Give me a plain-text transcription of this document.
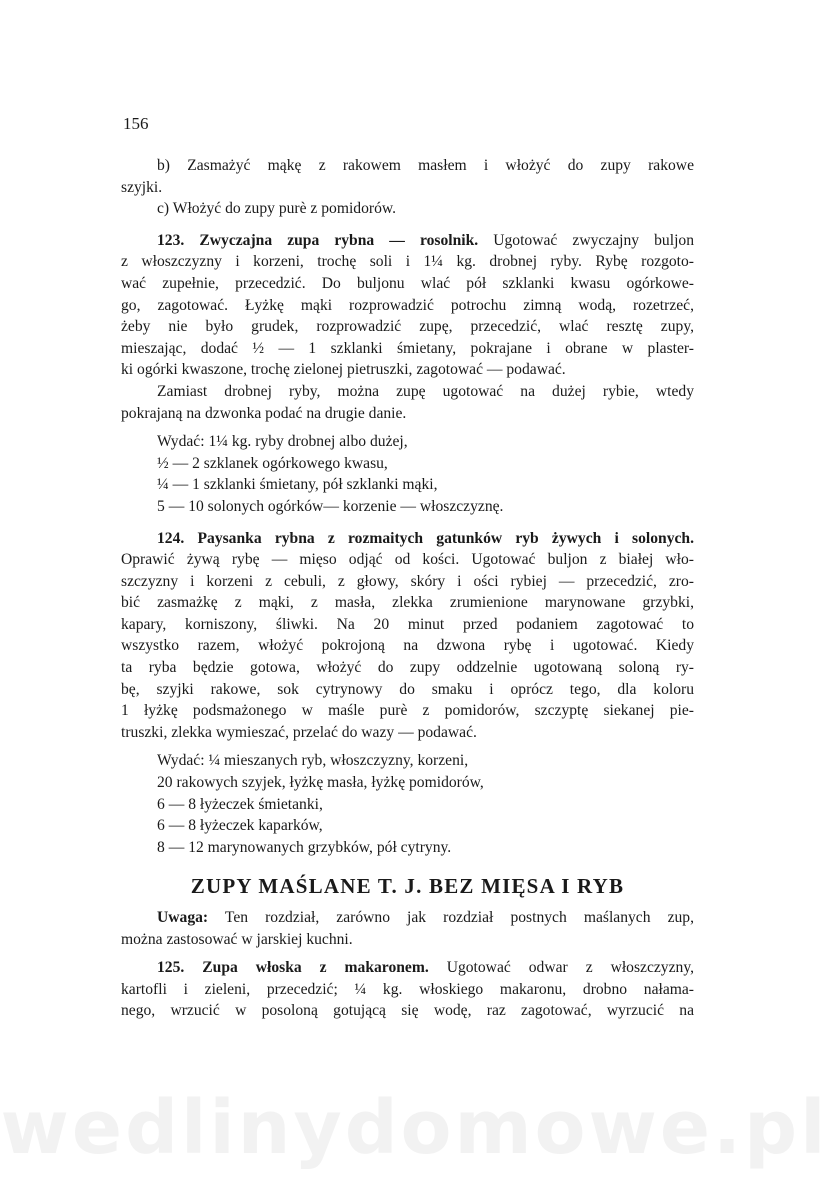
156
b) Zasmażyć mąkę z rakowem masłem i włożyć do zupy rakowe
szyjki.
c) Włożyć do zupy purè z pomidorów.
123. Zwyczajna zupa rybna — rosolnik. Ugotować zwyczajny buljon
z włoszczyzny i korzeni, trochę soli i 1¼ kg. drobnej ryby. Rybę rozgoto-
wać zupełnie, przecedzić. Do buljonu wlać pół szklanki kwasu ogórkowe-
go, zagotować. Łyżkę mąki rozprowadzić potrochu zimną wodą, rozetrzeć,
żeby nie było grudek, rozprowadzić zupę, przecedzić, wlać resztę zupy,
mieszając, dodać ½ — 1 szklanki śmietany, pokrajane i obrane w plaster-
ki ogórki kwaszone, trochę zielonej pietruszki, zagotować — podawać.
Zamiast drobnej ryby, można zupę ugotować na dużej rybie, wtedy
pokrajaną na dzwonka podać na drugie danie.
Wydać: 1¼ kg. ryby drobnej albo dużej,
½ — 2 szklanek ogórkowego kwasu,
¼ — 1 szklanki śmietany, pół szklanki mąki,
5 — 10 solonych ogórków— korzenie — włoszczyznę.
124. Paysanka rybna z rozmaitych gatunków ryb żywych i solonych.
Oprawić żywą rybę — mięso odjąć od kości. Ugotować buljon z białej wło-
szczyzny i korzeni z cebuli, z głowy, skóry i ości rybiej — przecedzić, zro-
bić zasmażkę z mąki, z masła, zlekka zrumienione marynowane grzybki,
kapary, korniszony, śliwki. Na 20 minut przed podaniem zagotować to
wszystko razem, włożyć pokrojoną na dzwona rybę i ugotować. Kiedy
ta ryba będzie gotowa, włożyć do zupy oddzelnie ugotowaną soloną ry-
bę, szyjki rakowe, sok cytrynowy do smaku i oprócz tego, dla koloru
1 łyżkę podsmażonego w maśle purè z pomidorów, szczyptę siekanej pie-
truszki, zlekka wymieszać, przelać do wazy — podawać.
Wydać: ¼ mieszanych ryb, włoszczyzny, korzeni,
20 rakowych szyjek, łyżkę masła, łyżkę pomidorów,
6 — 8 łyżeczek śmietanki,
6 — 8 łyżeczek kaparków,
8 — 12 marynowanych grzybków, pół cytryny.
ZUPY MAŚLANE T. J. BEZ MIĘSA I RYB
Uwaga: Ten rozdział, zarówno jak rozdział postnych maślanych zup,
można zastosować w jarskiej kuchni.
125. Zupa włoska z makaronem. Ugotować odwar z włoszczyzny,
kartofli i zieleni, przecedzić; ¼ kg. włoskiego makaronu, drobno nałama-
nego, wrzucić w posoloną gotującą się wodę, raz zagotować, wyrzucić na
wedlinydomowe.pl
